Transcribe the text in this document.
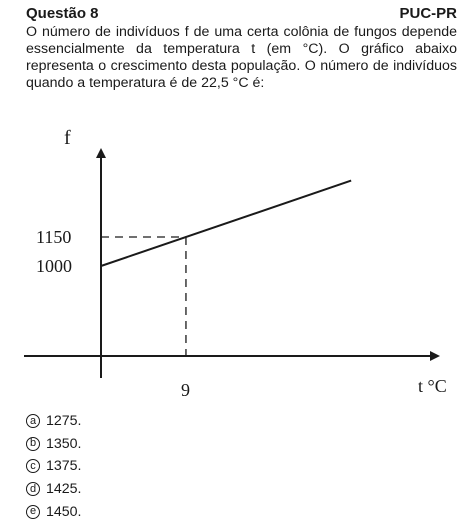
Questão 8	PUC-PR
O número de indivíduos f de uma certa colônia de fungos depende essencialmente da temperatura t (em °C). O gráfico abaixo representa o crescimento desta população. O número de indivíduos quando a temperatura é de 22,5 °C é:
f
t °C
1000
1150
9
a 1275.
b 1350.
c 1375.
d 1425.
e 1450.
